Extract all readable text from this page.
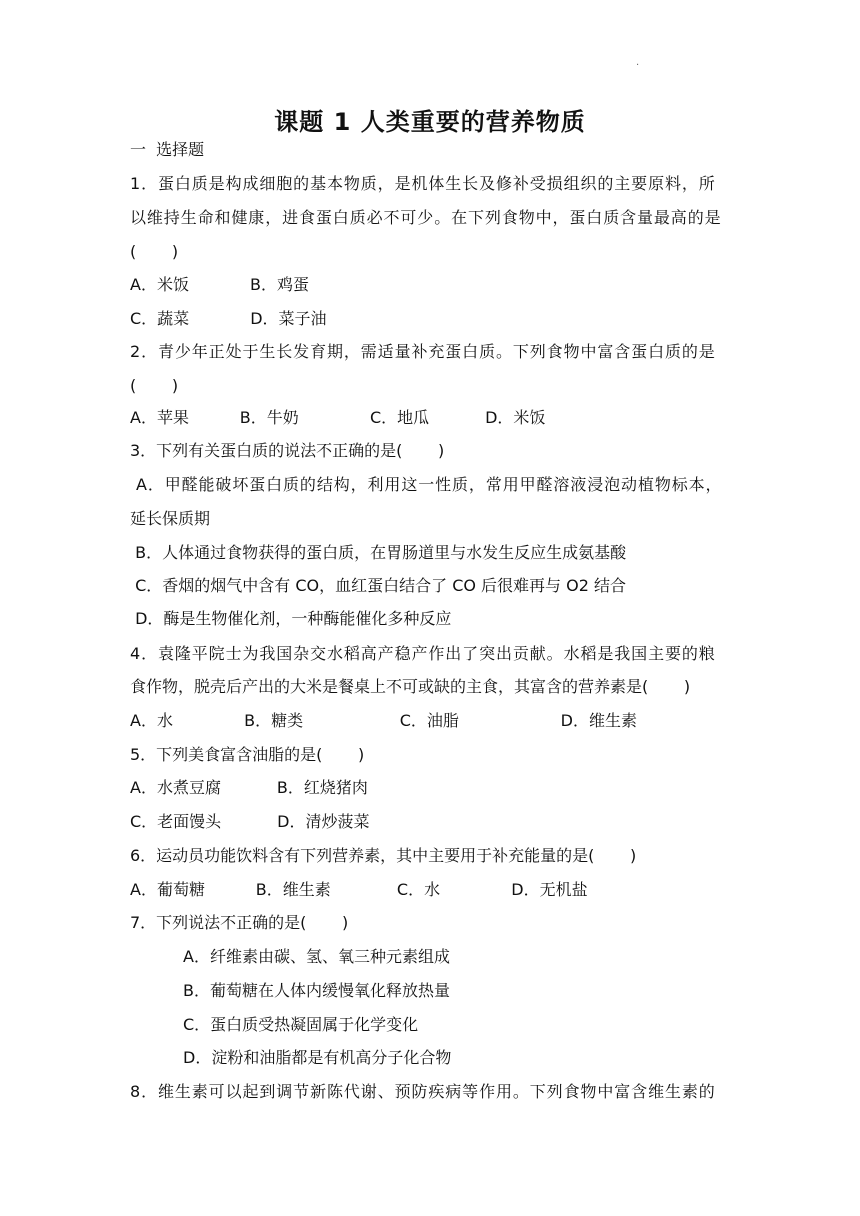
·
课题 1 人类重要的营养物质
一  选择题
1．蛋白质是构成细胞的基本物质，是机体生长及修补受损组织的主要原料，所
以维持生命和健康，进食蛋白质必不可少。在下列食物中，蛋白质含量最高的是
(       )
A．米饭            B．鸡蛋
C．蔬菜            D．菜子油
2．青少年正处于生长发育期，需适量补充蛋白质。下列食物中富含蛋白质的是
(       )
A．苹果          B．牛奶              C．地瓜           D．米饭
3．下列有关蛋白质的说法不正确的是(       )
A．甲醛能破坏蛋白质的结构，利用这一性质，常用甲醛溶液浸泡动植物标本，
延长保质期
B．人体通过食物获得的蛋白质，在胃肠道里与水发生反应生成氨基酸
C．香烟的烟气中含有 CO，血红蛋白结合了 CO 后很难再与 O2 结合
D．酶是生物催化剂，一种酶能催化多种反应
4．袁隆平院士为我国杂交水稻高产稳产作出了突出贡献。水稻是我国主要的粮
食作物，脱壳后产出的大米是餐桌上不可或缺的主食，其富含的营养素是(       )
A．水              B．糖类                   C．油脂                    D．维生素
5．下列美食富含油脂的是(       )
A．水煮豆腐           B．红烧猪肉
C．老面馒头           D．清炒菠菜
6．运动员功能饮料含有下列营养素，其中主要用于补充能量的是(       )
A．葡萄糖          B．维生素             C．水              D．无机盐
7．下列说法不正确的是(       )
A．纤维素由碳、氢、氧三种元素组成
B．葡萄糖在人体内缓慢氧化释放热量
C．蛋白质受热凝固属于化学变化
D．淀粉和油脂都是有机高分子化合物
8．维生素可以起到调节新陈代谢、预防疾病等作用。下列食物中富含维生素的
